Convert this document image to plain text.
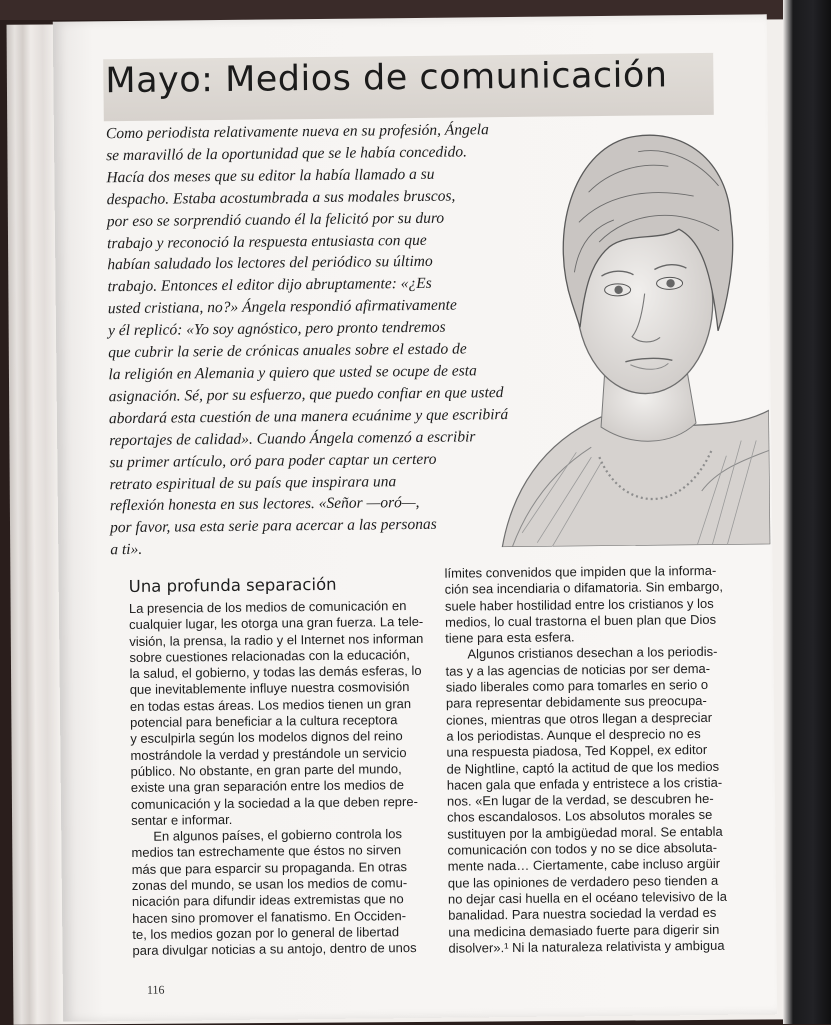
Mayo: Medios de comunicación

Como periodista relativamente nueva en su profesión, Ángela
se maravilló de la oportunidad que se le había concedido.
Hacía dos meses que su editor la había llamado a su
despacho. Estaba acostumbrada a sus modales bruscos,
por eso se sorprendió cuando él la felicitó por su duro
trabajo y reconoció la respuesta entusiasta con que
habían saludado los lectores del periódico su último
trabajo. Entonces el editor dijo abruptamente: «¿Es
usted cristiana, no?» Ángela respondió afirmativamente
y él replicó: «Yo soy agnóstico, pero pronto tendremos
que cubrir la serie de crónicas anuales sobre el estado de
la religión en Alemania y quiero que usted se ocupe de esta
asignación. Sé, por su esfuerzo, que puedo confiar en que usted
abordará esta cuestión de una manera ecuánime y que escribirá
reportajes de calidad». Cuando Ángela comenzó a escribir
su primer artículo, oró para poder captar un certero
retrato espiritual de su país que inspirara una
reflexión honesta en sus lectores. «Señor —oró—,
por favor, usa esta serie para acercar a las personas
a ti».

Una profunda separación
La presencia de los medios de comunicación en
cualquier lugar, les otorga una gran fuerza. La tele-
visión, la prensa, la radio y el Internet nos informan
sobre cuestiones relacionadas con la educación,
la salud, el gobierno, y todas las demás esferas, lo
que inevitablemente influye nuestra cosmovisión
en todas estas áreas. Los medios tienen un gran
potencial para beneficiar a la cultura receptora
y esculpirla según los modelos dignos del reino
mostrándole la verdad y prestándole un servicio
público. No obstante, en gran parte del mundo,
existe una gran separación entre los medios de
comunicación y la sociedad a la que deben repre-
sentar e informar.
En algunos países, el gobierno controla los
medios tan estrechamente que éstos no sirven
más que para esparcir su propaganda. En otras
zonas del mundo, se usan los medios de comu-
nicación para difundir ideas extremistas que no
hacen sino promover el fanatismo. En Occiden-
te, los medios gozan por lo general de libertad
para divulgar noticias a su antojo, dentro de unos
límites convenidos que impiden que la informa-
ción sea incendiaria o difamatoria. Sin embargo,
suele haber hostilidad entre los cristianos y los
medios, lo cual trastorna el buen plan que Dios
tiene para esta esfera.
Algunos cristianos desechan a los periodis-
tas y a las agencias de noticias por ser dema-
siado liberales como para tomarles en serio o
para representar debidamente sus preocupa-
ciones, mientras que otros llegan a despreciar
a los periodistas. Aunque el desprecio no es
una respuesta piadosa, Ted Koppel, ex editor
de Nightline, captó la actitud de que los medios
hacen gala que enfada y entristece a los cristia-
nos. «En lugar de la verdad, se descubren he-
chos escandalosos. Los absolutos morales se
sustituyen por la ambigüedad moral. Se entabla
comunicación con todos y no se dice absoluta-
mente nada… Ciertamente, cabe incluso argüir
que las opiniones de verdadero peso tienden a
no dejar casi huella en el océano televisivo de la
banalidad. Para nuestra sociedad la verdad es
una medicina demasiado fuerte para digerir sin
disolver».¹ Ni la naturaleza relativista y ambigua
116
